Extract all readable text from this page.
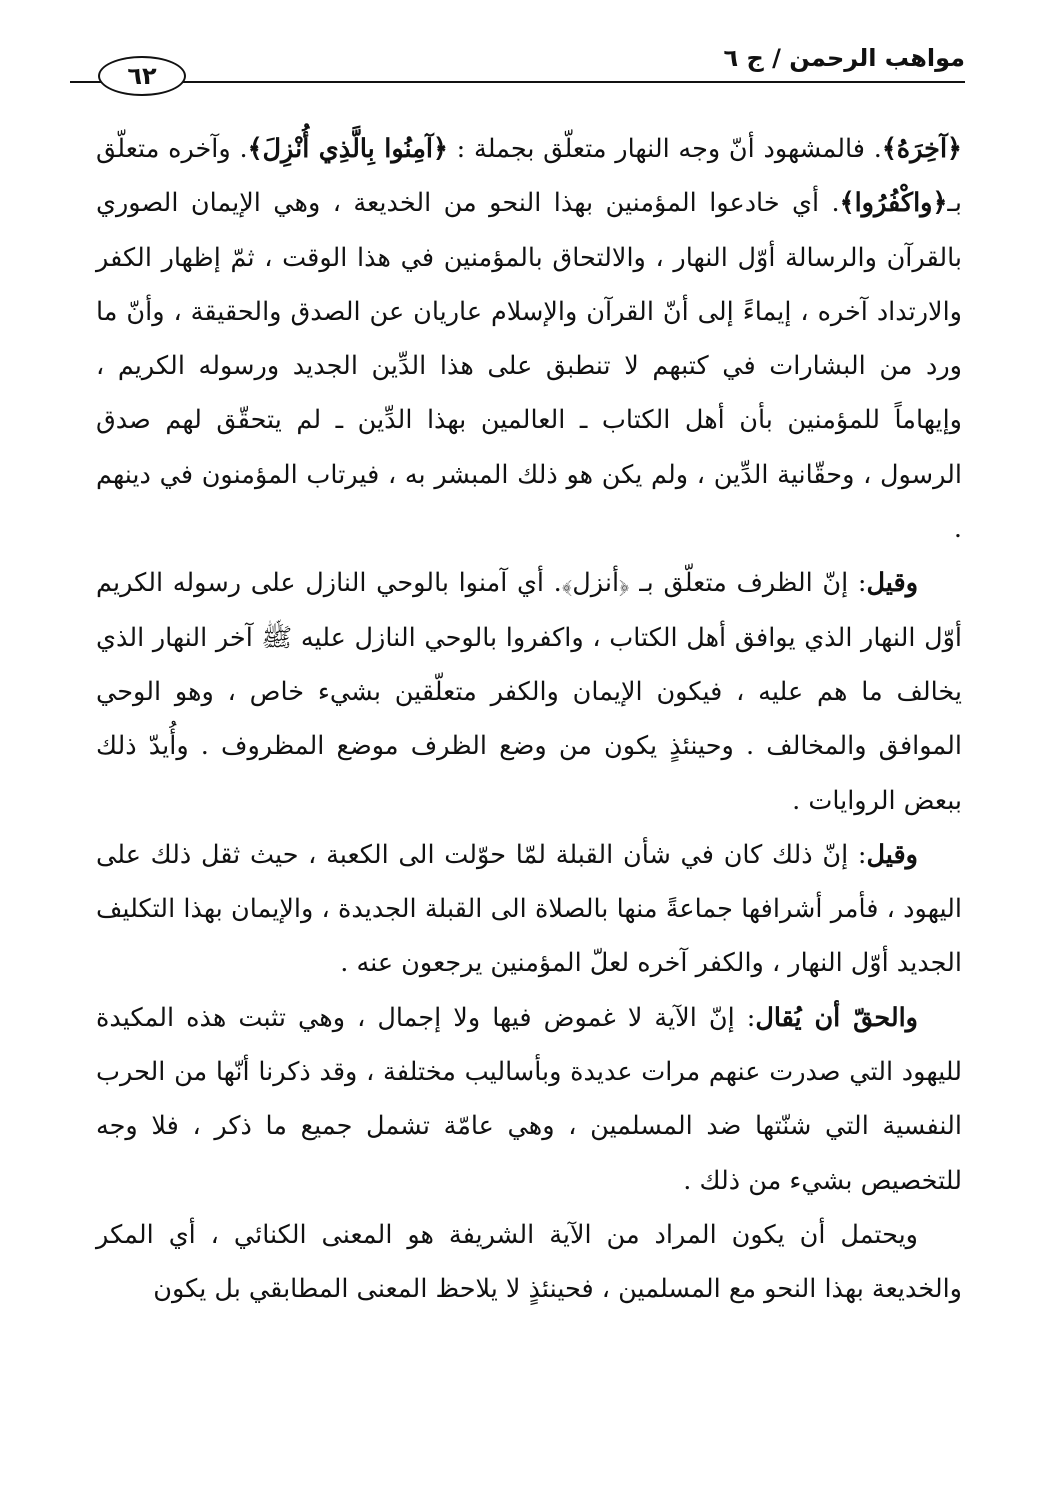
مواهب الرحمن / ج ٦
٦٢

﴿آخِرَهُ﴾. فالمشهود أنّ وجه النهار متعلّق بجملة : ﴿آمِنُوا بِالَّذِي أُنْزِلَ﴾. وآخره متعلّق بـ﴿واكْفُرُوا﴾. أي خادعوا المؤمنين بهذا النحو من الخديعة ، وهي الإيمان الصوري بالقرآن والرسالة أوّل النهار ، والالتحاق بالمؤمنين في هذا الوقت ، ثمّ إظهار الكفر والارتداد آخره ، إيماءً إلى أنّ القرآن والإسلام عاريان عن الصدق والحقيقة ، وأنّ ما ورد من البشارات في كتبهم لا تنطبق على هذا الدِّين الجديد ورسوله الكريم ، وإيهاماً للمؤمنين بأن أهل الكتاب ـ العالمين بهذا الدِّين ـ لم يتحقّق لهم صدق الرسول ، وحقّانية الدِّين ، ولم يكن هو ذلك المبشر به ، فيرتاب المؤمنون في دينهم .

وقيل: إنّ الظرف متعلّق بـ ﴿أنزل﴾. أي آمنوا بالوحي النازل على رسوله الكريم أوّل النهار الذي يوافق أهل الكتاب ، واكفروا بالوحي النازل عليه ﷺ آخر النهار الذي يخالف ما هم عليه ، فيكون الإيمان والكفر متعلّقين بشيء خاص ، وهو الوحي الموافق والمخالف . وحينئذٍ يكون من وضع الظرف موضع المظروف . وأُيدّ ذلك ببعض الروايات .

وقيل: إنّ ذلك كان في شأن القبلة لمّا حوّلت الى الكعبة ، حيث ثقل ذلك على اليهود ، فأمر أشرافها جماعةً منها بالصلاة الى القبلة الجديدة ، والإيمان بهذا التكليف الجديد أوّل النهار ، والكفر آخره لعلّ المؤمنين يرجعون عنه .

والحقّ أن يُقال: إنّ الآية لا غموض فيها ولا إجمال ، وهي تثبت هذه المكيدة لليهود التي صدرت عنهم مرات عديدة وبأساليب مختلفة ، وقد ذكرنا أنّها من الحرب النفسية التي شنّتها ضد المسلمين ، وهي عامّة تشمل جميع ما ذكر ، فلا وجه للتخصيص بشيء من ذلك .

ويحتمل أن يكون المراد من الآية الشريفة هو المعنى الكنائي ، أي المكر والخديعة بهذا النحو مع المسلمين ، فحينئذٍ لا يلاحظ المعنى المطابقي بل يكون
